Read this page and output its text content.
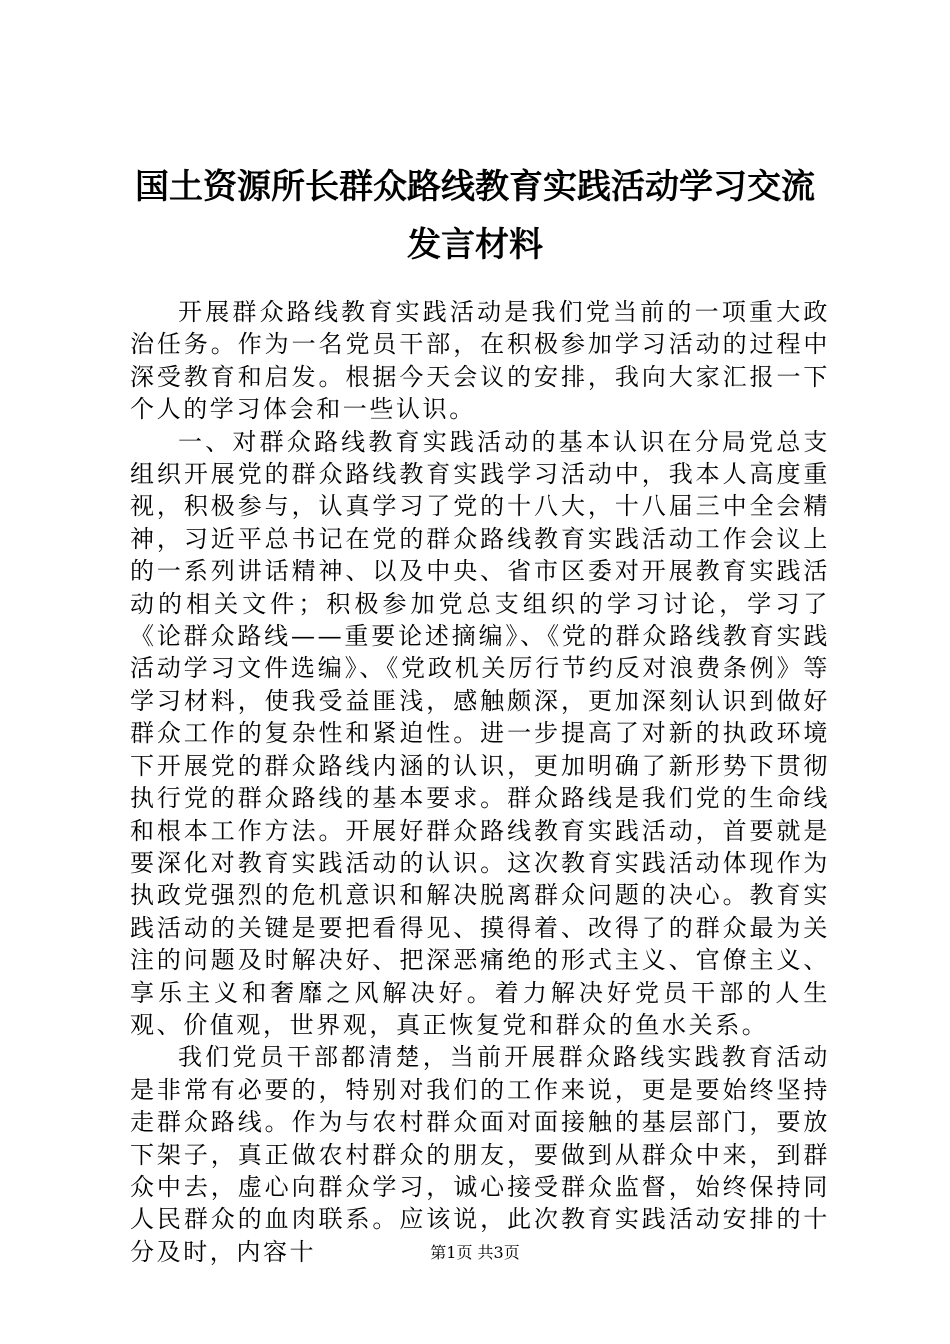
国土资源所长群众路线教育实践活动学习交流发言材料

开展群众路线教育实践活动是我们党当前的一项重大政治任务。作为一名党员干部，在积极参加学习活动的过程中深受教育和启发。根据今天会议的安排，我向大家汇报一下个人的学习体会和一些认识。

一、对群众路线教育实践活动的基本认识在分局党总支组织开展党的群众路线教育实践学习活动中，我本人高度重视，积极参与，认真学习了党的十八大，十八届三中全会精神，习近平总书记在党的群众路线教育实践活动工作会议上的一系列讲话精神、以及中央、省市区委对开展教育实践活动的相关文件；积极参加党总支组织的学习讨论，学习了《论群众路线——重要论述摘编》、《党的群众路线教育实践活动学习文件选编》、《党政机关厉行节约反对浪费条例》等学习材料，使我受益匪浅，感触颇深，更加深刻认识到做好群众工作的复杂性和紧迫性。进一步提高了对新的执政环境下开展党的群众路线内涵的认识，更加明确了新形势下贯彻执行党的群众路线的基本要求。群众路线是我们党的生命线和根本工作方法。开展好群众路线教育实践活动，首要就是要深化对教育实践活动的认识。这次教育实践活动体现作为执政党强烈的危机意识和解决脱离群众问题的决心。教育实践活动的关键是要把看得见、摸得着、改得了的群众最为关注的问题及时解决好、把深恶痛绝的形式主义、官僚主义、享乐主义和奢靡之风解决好。着力解决好党员干部的人生观、价值观，世界观，真正恢复党和群众的鱼水关系。

我们党员干部都清楚，当前开展群众路线实践教育活动是非常有必要的，特别对我们的工作来说，更是要始终坚持走群众路线。作为与农村群众面对面接触的基层部门，要放下架子，真正做农村群众的朋友，要做到从群众中来，到群众中去，虚心向群众学习，诚心接受群众监督，始终保持同人民群众的血肉联系。应该说，此次教育实践活动安排的十分及时，内容十	第1页 共3页
